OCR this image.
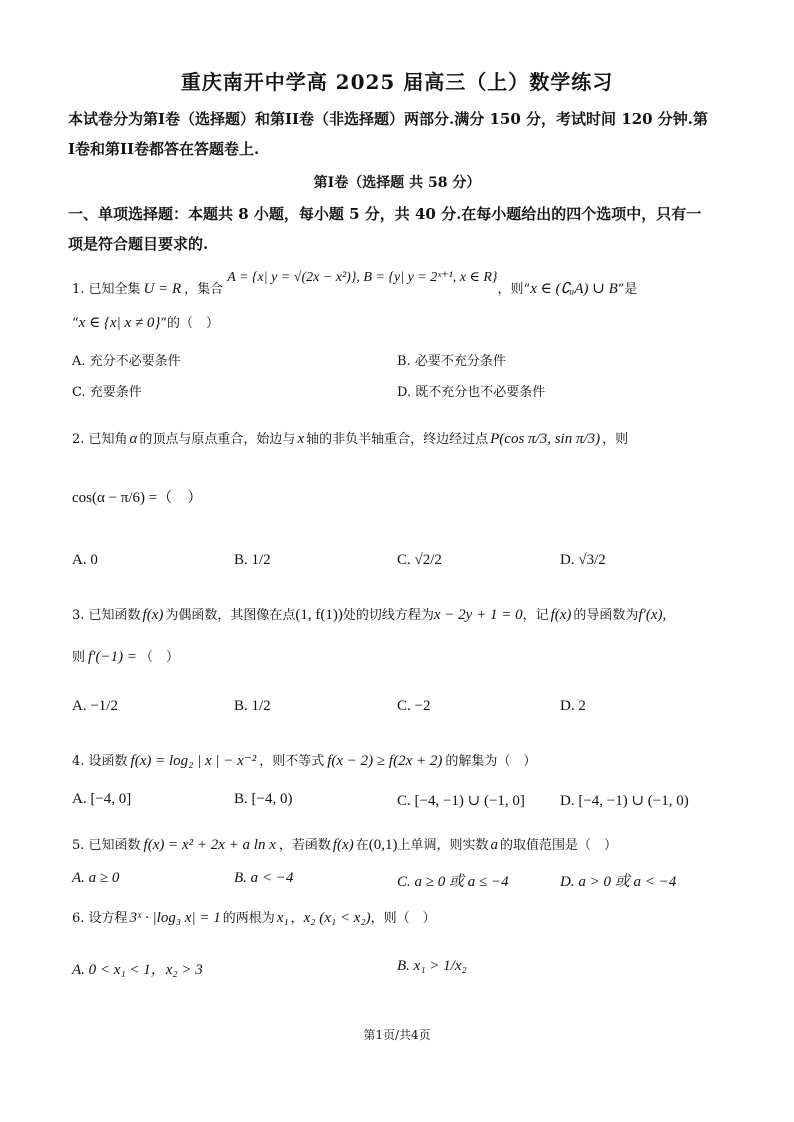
重庆南开中学高 2025 届高三（上）数学练习
本试卷分为第I卷（选择题）和第II卷（非选择题）两部分.满分 150 分，考试时间 120 分钟.第
I卷和第II卷都答在答题卷上.
第I卷（选择题 共 58 分）
一、单项选择题：本题共 8 小题，每小题 5 分，共 40 分.在每小题给出的四个选项中，只有一
项是符合题目要求的.
1. 已知全集 U = R ，集合A = {x| y = √(2x − x²)}, B = {y| y = 2ˣ⁺¹, x ∈ R}，则“x ∈ (∁ᵤA) ∪ B”是
“x ∈ {x| x ≠ 0}”的（　）
A. 充分不必要条件	B. 必要不充分条件
C. 充要条件	D. 既不充分也不必要条件
2. 已知角 α 的顶点与原点重合，始边与 x 轴的非负半轴重合，终边经过点 P(cos π/3, sin π/3) ，则
cos(α − π/6) =（　）
A. 0	B. 1/2	C. √2/2	D. √3/2
3. 已知函数 f(x) 为偶函数，其图像在点(1, f(1))处的切线方程为x − 2y + 1 = 0，记 f(x) 的导函数为f′(x),
则 f′(−1) = （　）
A. −1/2	B. 1/2	C. −2	D. 2
4. 设函数 f(x) = log₂ | x | − x⁻² ，则不等式 f(x − 2) ≥ f(2x + 2) 的解集为（　）
A. [−4, 0]	B. [−4, 0)	C. [−4, −1) ∪ (−1, 0] D. [−4, −1) ∪ (−1, 0)
5. 已知函数 f(x) = x² + 2x + a ln x ，若函数 f(x) 在(0,1)上单调，则实数 a 的取值范围是（　）
A. a ≥ 0	B. a < −4	C. a ≥ 0 或 a ≤ −4	D. a > 0 或 a < −4
6. 设方程 3ˣ · |log₃ x| = 1 的两根为 x₁ ，x₂ (x₁ < x₂)，则（　）
A. 0 < x₁ < 1，x₂ > 3	B. x₁ > 1/x₂
第1页/共4页
